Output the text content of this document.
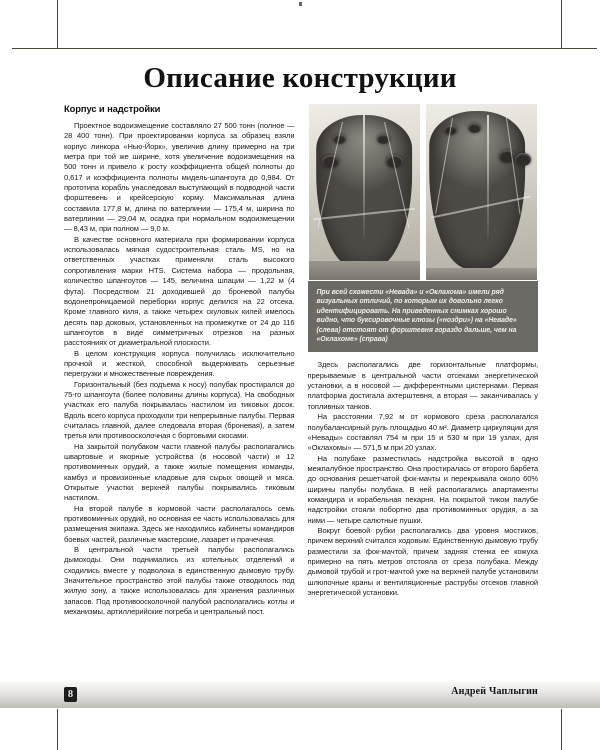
Описание конструкции
Корпус и надстройки

Проектное водоизмещение составляло 27 500 тонн (полное — 28 400 тонн). При проектировании корпуса за образец взяли корпус линкора «Нью-Йорк», увеличив длину примерно на три метра при той же ширине, хотя увеличение водоизмещения на 500 тонн и привело к росту коэффициента общей полноты до 0,617 и коэффициента полноты мидель-шпангоута до 0,984. От прототипа корабль унаследовал выступающий в подводной части форштевень и крейсерскую корму. Максимальная длина составила 177,8 м, длина по ватерлинии — 175,4 м, ширина по ватерлинии — 29,04 м, осадка при нормальном водоизмещении — 8,43 м, при полном — 9,0 м.

В качестве основного материала при формировании корпуса использовалась мягкая судостроительная сталь MS, но на ответственных участках применяли сталь высокого сопротивления марки HTS. Система набора — продольная, количество шпангоутов — 145, величина шпации — 1,22 м (4 фута). Посредством 21 доходившей до броневой палубы водонепроницаемой переборки корпус делился на 22 отсека. Кроме главного киля, а также четырех скуловых килей имелось десять пар доковых, установленных на промежутке от 24 до 116 шпангоутов в виде симметричных отрезков на разных расстояниях от диаметральной плоскости.

В целом конструкция корпуса получилась исключительно прочной и жесткой, способной выдерживать серьезные перегрузки и множественные повреждения.

Горизонтальный (без подъема к носу) полубак простирался до 75-го шпангоута (более половины длины корпуса). На свободных участках его палуба покрывалась настилом из тиковых досок. Вдоль всего корпуса проходили три непрерывные палубы. Первая считалась главной, далее следовала вторая (броневая), а затем третья или противоосколочная с бортовыми скосами.

На закрытой полубаком части главной палубы располагались швартовые и якорные устройства (в носовой части) и 12 противоминных орудий, а также жилые помещения команды, камбуз и провизионные кладовые для сырых овощей и мяса. Открытые участки верхней палубы покрывались тиковым настилом.

На второй палубе в кормовой части располагалось семь противоминных орудий, но основная ее часть использовалась для размещения экипажа. Здесь же находились кабинеты командиров боевых частей, различные мастерские, лазарет и прачечная.

В центральной части третьей палубы располагались дымоходы. Они поднимались из котельных отделений и сходились вместе у подволока в единственную дымовую трубу. Значительное пространство этой палубы также отводилось под жилую зону, а также использовалась для хранения различных запасов. Под противоосколочной палубой располагались котлы и механизмы, артиллерийские погреба и центральный пост.

При всей схожести «Невада» и «Оклахома» имели ряд визуальных отличий, по которым их довольно легко идентифицировать. На приведенных снимках хорошо видно, что буксировочные клюзы («ноздри») на «Неваде» (слева) отстоят от форштевня гораздо дальше, чем на «Оклахоме» (справа)

Здесь располагались две горизонтальные платформы, прерываемые в центральной части отсеками энергетической установки, а в носовой — дифферентными цистернами. Первая платформа достигала ахтерштевня, а вторая — заканчивалась у топливных танков.

На расстоянии 7,92 м от кормового среза располагался полубалансирный руль площадью 40 м². Диаметр циркуляции для «Невады» составлял 754 м при 15 и 530 м при 19 узлах, для «Оклахомы» — 571,5 м при 20 узлах.

На полубаке разместилась надстройка высотой в одно межпалубное пространство. Она простиралась от второго барбета до основания решетчатой фок-мачты и перекрывала около 60% ширины палубы полубака. В ней располагались апартаменты командира и корабельная пекарня. На покрытой тиком палубе надстройки стояли побортно два противоминных орудия, а за ними — четыре салютные пушки.

Вокруг боевой рубки располагались два уровня мостиков, причем верхний считался ходовым. Единственную дымовую трубу разместили за фок-мачтой, причем задняя стенка ее кожуха примерно на пять метров отстояла от среза полубака. Между дымовой трубой и грот-мачтой уже на верхней палубе установили шлюпочные краны и вентиляционные раструбы отсеков главной энергетической установки.

8	Андрей Чаплыгин
